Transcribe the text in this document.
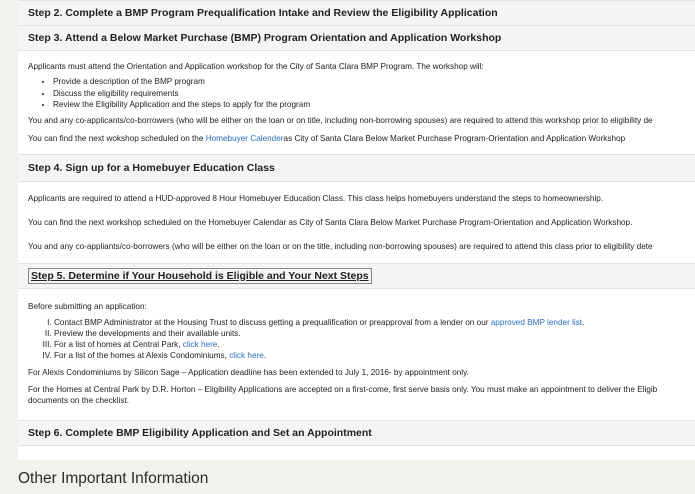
Step 2. Complete a BMP Program Prequalification Intake and Review the Eligibility Application
Step 3. Attend a Below Market Purchase (BMP) Program Orientation and Application Workshop

Applicants must attend the Orientation and Application workshop for the City of Santa Clara BMP Program. The workshop will:

• Provide a description of the BMP program
• Discuss the eligibility requirements
• Review the Eligibility Application and the steps to apply for the program

You and any co-applicants/co-borrowers (who will be either on the loan or on title, including non-borrowing spouses) are required to attend this workshop prior to eligibility de

You can find the next wokshop scheduled on the Homebuyer Calenderas City of Santa Clara Below Market Purchase Program-Orientation and Application Workshop

Step 4. Sign up for a Homebuyer Education Class

Applicants are required to attend a HUD-approved 8 Hour Homebuyer Education Class. This class helps homebuyers understand the steps to homeownership.

You can find the next workshop scheduled on the Homebuyer Calendar as City of Santa Clara Below Market Purchase Program-Orientation and Application Workshop.

You and any co-appliants/co-borrowers (who will be either on the loan or on the title, including non-borrowing spouses) are required to attend this class prior to eligibility dete

Step 5. Determine if Your Household is Eligible and Your Next Steps

Before submitting an application:

I. Contact BMP Administrator at the Housing Trust to discuss getting a prequalification or preapproval from a lender on our approved BMP lender list.
II. Preview the developments and their available units.
III. For a list of homes at Central Park, click here.
IV. For a list of the homes at Alexis Condominiums, click here.

For Alexis Condominiums by Silicon Sage – Application deadline has been extended to July 1, 2016- by appointment only.

For the Homes at Central Park by D.R. Horton – Eligibility Applications are accepted on a first-come, first serve basis only. You must make an appointment to deliver the Eligib

documents on the checklist.

Step 6. Complete BMP Eligibility Application and Set an Appointment
Other Important Information
